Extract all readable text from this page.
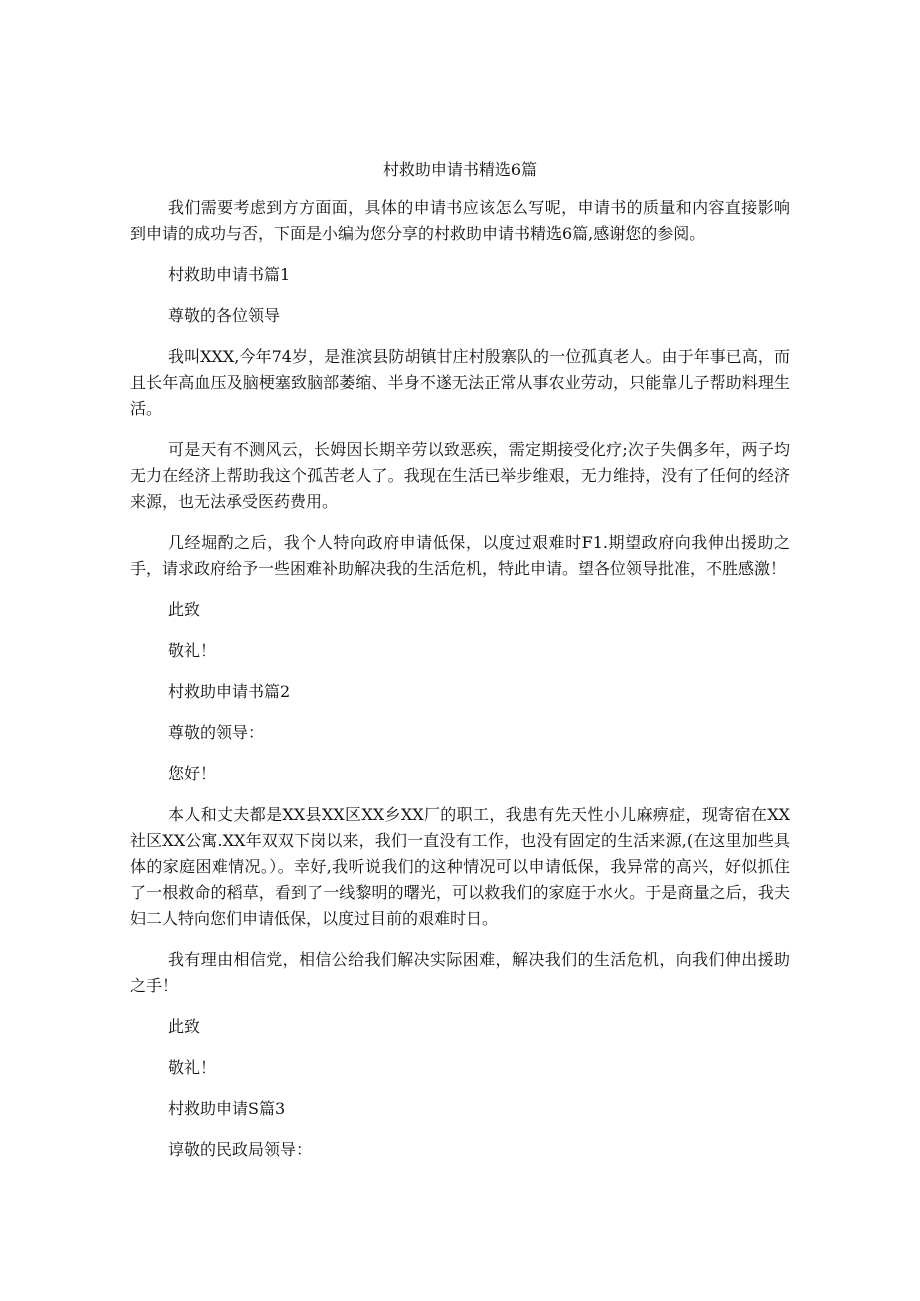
村救助申请书精选6篇

我们需要考虑到方方面面，具体的申请书应该怎么写呢，申请书的质量和内容直接影响到申请的成功与否，下面是小编为您分享的村救助申请书精选6篇,感谢您的参阅。

村救助申请书篇1

尊敬的各位领导

我叫XXX,今年74岁，是淮滨县防胡镇甘庄村殷寨队的一位孤真老人。由于年事已高，而且长年高血压及脑梗塞致脑部萎缩、半身不遂无法正常从事农业劳动，只能靠儿子帮助料理生活。

可是天有不测风云，长姆因长期辛劳以致恶疾，需定期接受化疗;次子失偶多年，两子均无力在经济上帮助我这个孤苦老人了。我现在生活已举步维艰，无力维持，没有了任何的经济来源，也无法承受医药费用。

几经堀酌之后，我个人特向政府申请低保，以度过艰难时F1.期望政府向我伸出援助之手，请求政府给予一些困难补助解决我的生活危机，特此申请。望各位领导批准，不胜感激！

此致

敬礼！

村救助申请书篇2

尊敬的领导：

您好！

本人和丈夫都是XX县XX区XX乡XX厂的职工，我患有先天性小儿麻痹症，现寄宿在XX社区XX公寓.XX年双双下岗以来，我们一直没有工作，也没有固定的生活来源,(在这里加些具体的家庭困难情况。）。幸好,我听说我们的这种情况可以申请低保，我异常的高兴，好似抓住了一根救命的稻草，看到了一线黎明的曙光，可以救我们的家庭于水火。于是商量之后，我夫妇二人特向您们申请低保，以度过目前的艰难时日。

我有理由相信党，相信公给我们解决实际困难，解决我们的生活危机，向我们伸出援助之手！

此致

敬礼！

村救助申请S篇3

谆敬的民政局领导：
